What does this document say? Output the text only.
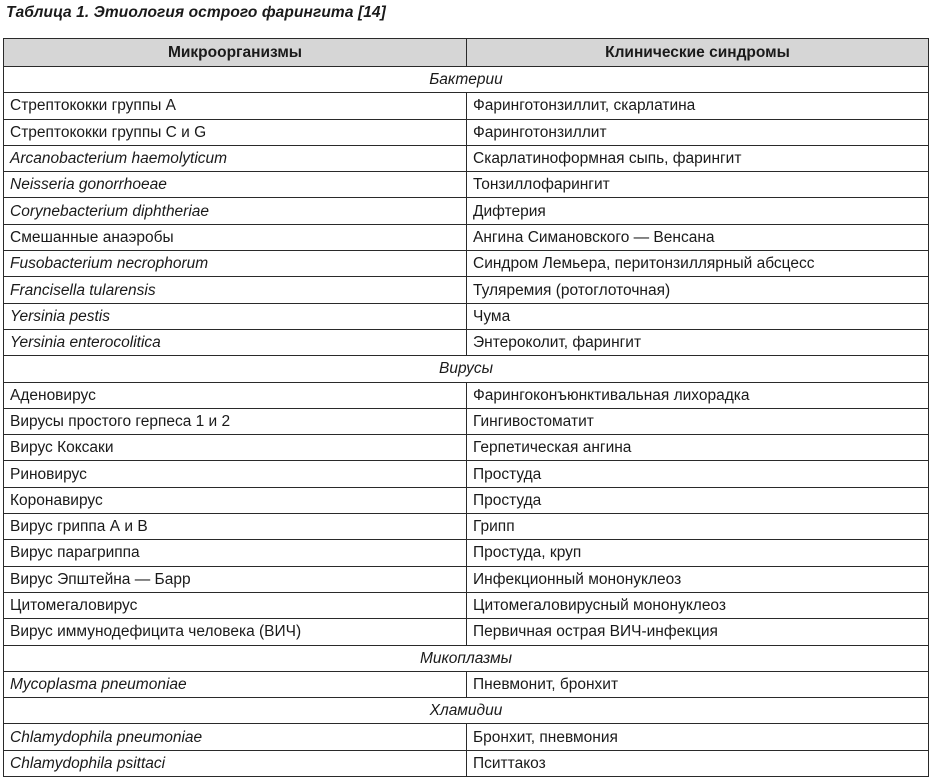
Таблица 1. Этиология острого фарингита [14]
Микроорганизмы	Клинические синдромы
Бактерии	
Стрептококки группы А	Фаринготонзиллит, скарлатина
Стрептококки группы C и G	Фаринготонзиллит
Arcanobacterium haemolyticum	Скарлатиноформная сыпь, фарингит
Neisseria gonorrhoeae	Тонзиллофарингит
Corynebacterium diphtheriae	Дифтерия
Смешанные анаэробы	Ангина Симановского — Венсана
Fusobacterium necrophorum	Синдром Лемьера, перитонзиллярный абсцесс
Francisella tularensis	Туляремия (ротоглоточная)
Yersinia pestis	Чума
Yersinia enterocolitica	Энтероколит, фарингит
Вирусы	
Аденовирус	Фарингоконъюнктивальная лихорадка
Вирусы простого герпеса 1 и 2	Гингивостоматит
Вирус Коксаки	Герпетическая ангина
Риновирус	Простуда
Коронавирус	Простуда
Вирус гриппа А и В	Грипп
Вирус парагриппа	Простуда, круп
Вирус Эпштейна — Барр	Инфекционный мононуклеоз
Цитомегаловирус	Цитомегаловирусный мононуклеоз
Вирус иммунодефицита человека (ВИЧ)	Первичная острая ВИЧ-инфекция
Микоплазмы	
Mycoplasma pneumoniae	Пневмонит, бронхит
Хламидии	
Chlamydophila pneumoniae	Бронхит, пневмония
Chlamydophila psittaci	Пситтакоз
